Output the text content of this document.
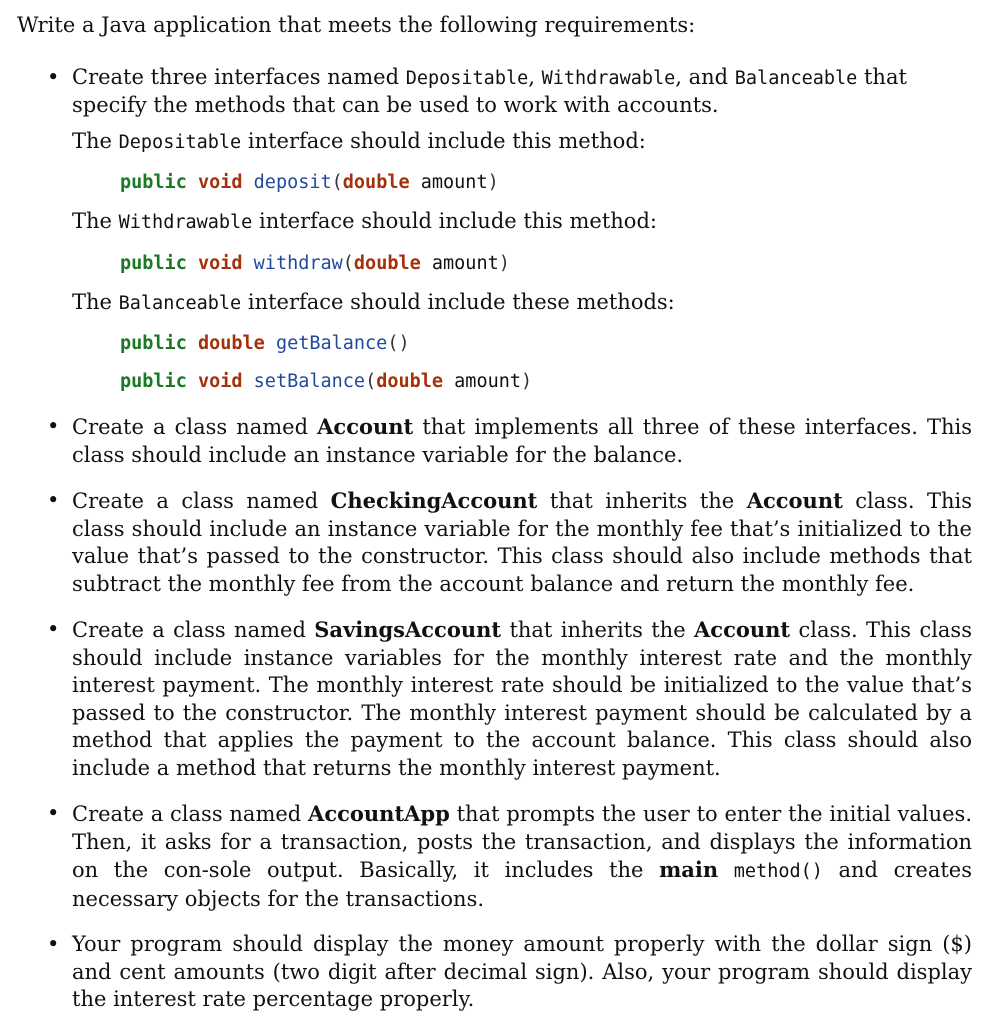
Write a Java application that meets the following requirements:

• Create three interfaces named Depositable, Withdrawable, and Balanceable that specify the methods that can be used to work with accounts.

The Depositable interface should include this method:

public void deposit(double amount)

The Withdrawable interface should include this method:

public void withdraw(double amount)

The Balanceable interface should include these methods:

public double getBalance()
public void setBalance(double amount)
• Create a class named Account that implements all three of these interfaces. This class should include an instance variable for the balance.

• Create a class named CheckingAccount that inherits the Account class. This class should include an instance variable for the monthly fee that’s initialized to the value that’s passed to the constructor. This class should also include methods that subtract the monthly fee from the account balance and return the monthly fee.

• Create a class named SavingsAccount that inherits the Account class. This class should include instance variables for the monthly interest rate and the monthly interest payment. The monthly interest rate should be initialized to the value that’s passed to the constructor. The monthly interest payment should be calculated by a method that applies the payment to the account balance. This class should also include a method that returns the monthly interest payment.

• Create a class named AccountApp that prompts the user to enter the initial values. Then, it asks for a transaction, posts the transaction, and displays the information on the con-sole output. Basically, it includes the main method() and creates necessary objects for the transactions.

• Your program should display the money amount properly with the dollar sign ($) and cent amounts (two digit after decimal sign). Also, your program should display the interest rate percentage properly.
